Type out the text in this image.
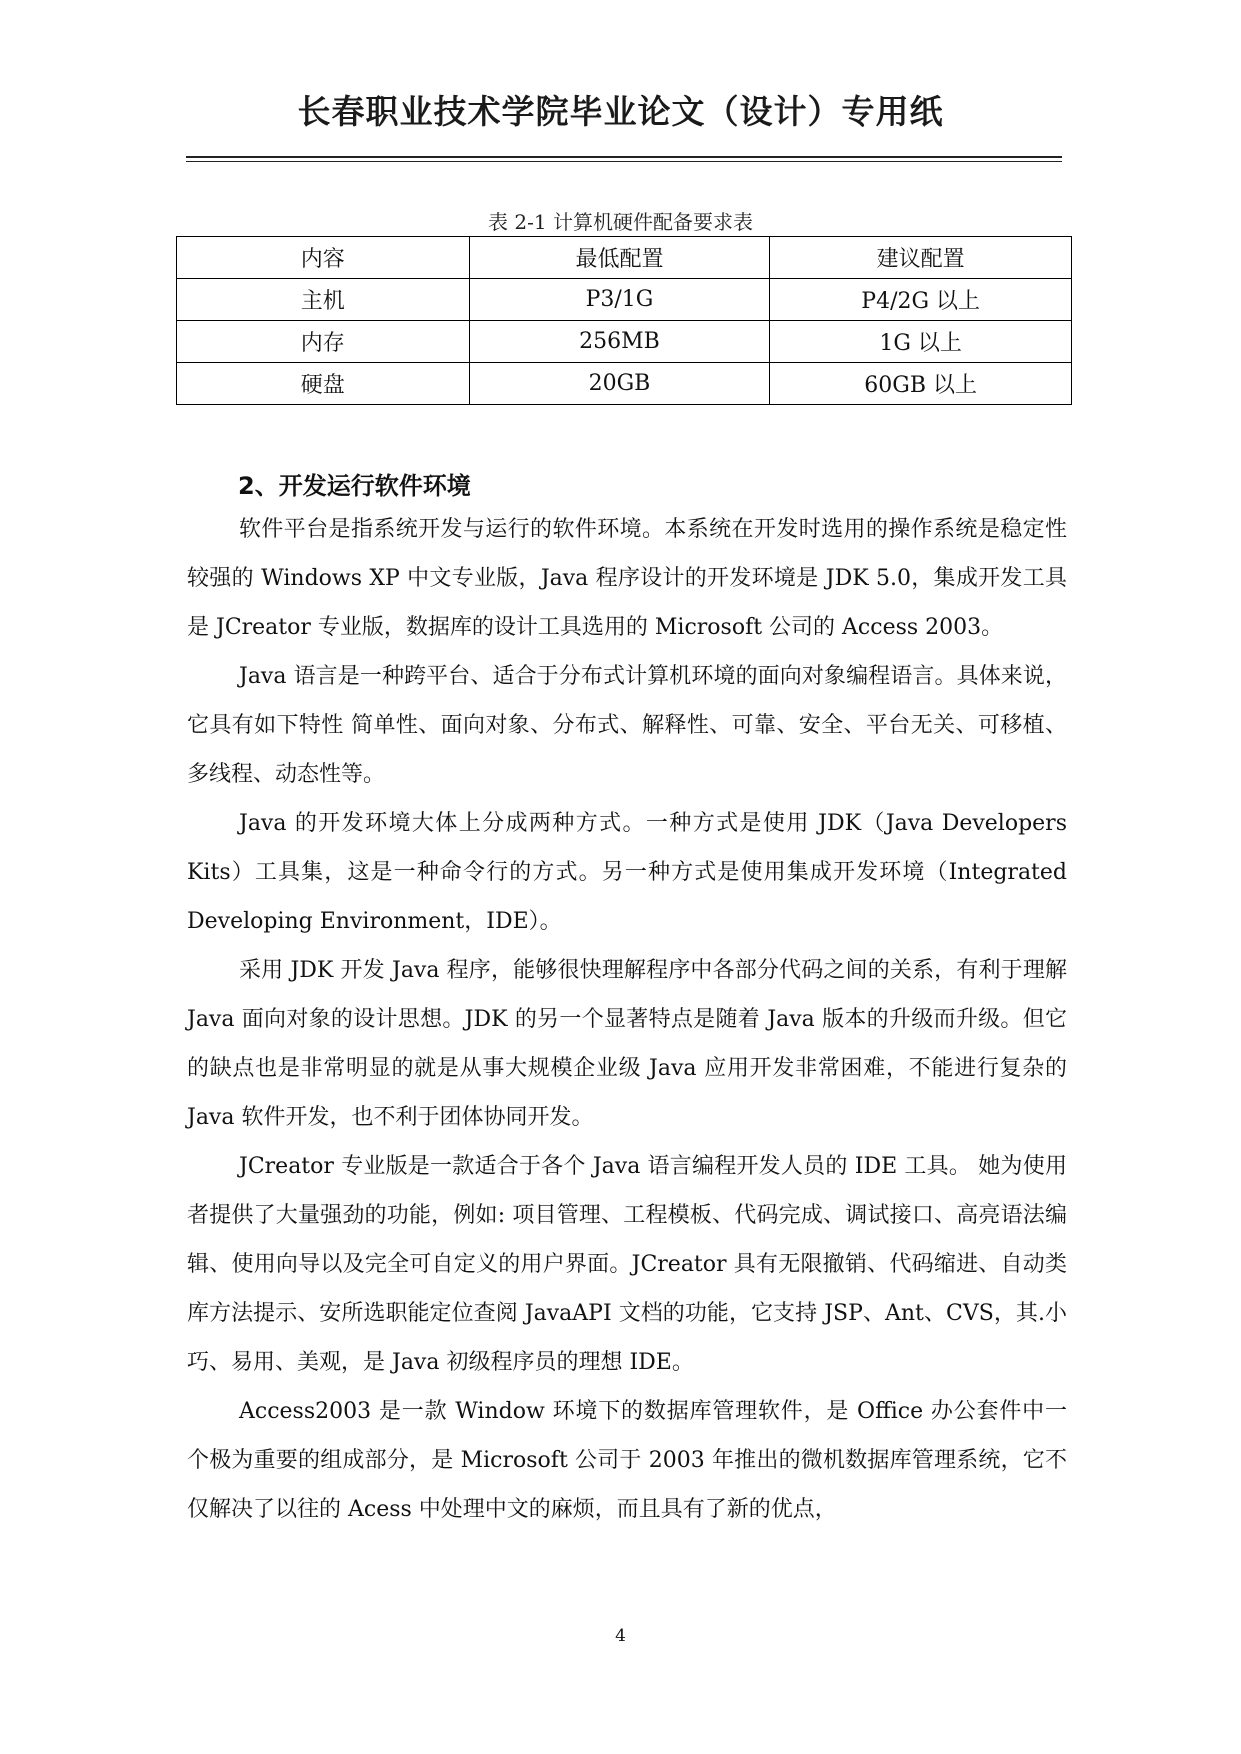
长春职业技术学院毕业论文（设计）专用纸
表 2-1 计算机硬件配备要求表
内容	最低配置	建议配置
主机	P3/1G	P4/2G 以上
内存	256MB	1G 以上
硬盘	20GB	60GB 以上
2、开发运行软件环境

软件平台是指系统开发与运行的软件环境。本系统在开发时选用的操作系统是稳定性较强的 Windows XP 中文专业版，Java 程序设计的开发环境是 JDK 5.0，集成开发工具是 JCreator 专业版，数据库的设计工具选用的 Microsoft 公司的 Access 2003。

Java 语言是一种跨平台、适合于分布式计算机环境的面向对象编程语言。具体来说，它具有如下特性 简单性、面向对象、分布式、解释性、可靠、安全、平台无关、可移植、多线程、动态性等。

Java 的开发环境大体上分成两种方式。一种方式是使用 JDK（Java Developers Kits）工具集，这是一种命令行的方式。另一种方式是使用集成开发环境（Integrated Developing Environment，IDE）。

采用 JDK 开发 Java 程序，能够很快理解程序中各部分代码之间的关系，有利于理解 Java 面向对象的设计思想。JDK 的另一个显著特点是随着 Java 版本的升级而升级。但它的缺点也是非常明显的就是从事大规模企业级 Java 应用开发非常困难，不能进行复杂的 Java 软件开发，也不利于团体协同开发。

JCreator 专业版是一款适合于各个 Java 语言编程开发人员的 IDE 工具。 她为使用者提供了大量强劲的功能，例如: 项目管理、工程模板、代码完成、调试接口、高亮语法编辑、使用向导以及完全可自定义的用户界面。JCreator 具有无限撤销、代码缩进、自动类库方法提示、安所选职能定位查阅 JavaAPI 文档的功能，它支持 JSP、Ant、CVS，其.小巧、易用、美观，是 Java 初级程序员的理想 IDE。

Access2003 是一款 Window 环境下的数据库管理软件，是 Office 办公套件中一个极为重要的组成部分，是 Microsoft 公司于 2003 年推出的微机数据库管理系统，它不仅解决了以往的 Acess 中处理中文的麻烦，而且具有了新的优点，

4
